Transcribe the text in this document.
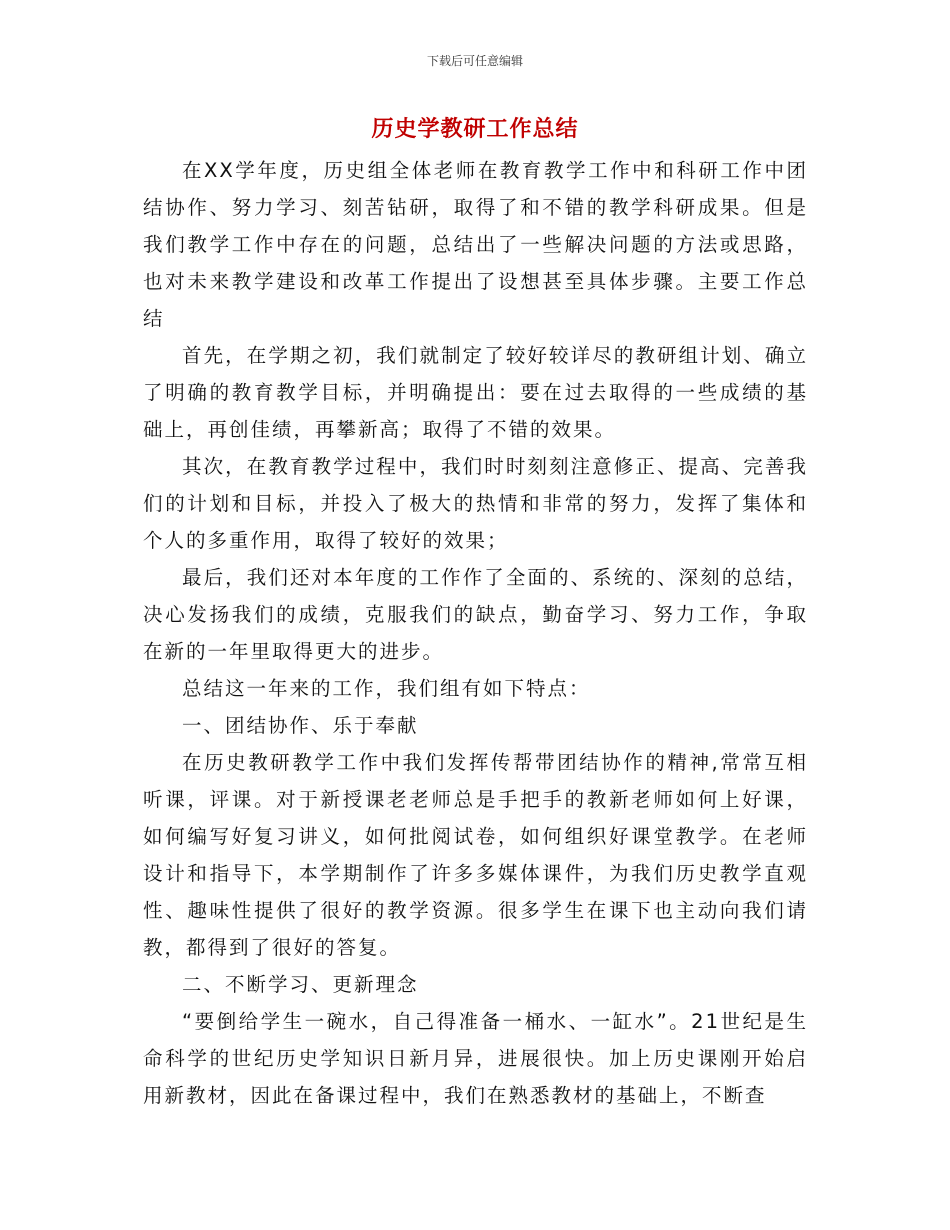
下载后可任意编辑
历史学教研工作总结

在XX学年度，历史组全体老师在教育教学工作中和科研工作中团结协作、努力学习、刻苦钻研，取得了和不错的教学科研成果。但是我们教学工作中存在的问题，总结出了一些解决问题的方法或思路，也对未来教学建设和改革工作提出了设想甚至具体步骤。主要工作总结

首先，在学期之初，我们就制定了较好较详尽的教研组计划、确立了明确的教育教学目标，并明确提出：要在过去取得的一些成绩的基础上，再创佳绩，再攀新高；取得了不错的效果。

其次，在教育教学过程中，我们时时刻刻注意修正、提高、完善我们的计划和目标，并投入了极大的热情和非常的努力，发挥了集体和个人的多重作用，取得了较好的效果；

最后，我们还对本年度的工作作了全面的、系统的、深刻的总结，决心发扬我们的成绩，克服我们的缺点，勤奋学习、努力工作，争取在新的一年里取得更大的进步。

总结这一年来的工作，我们组有如下特点：

一、团结协作、乐于奉献

在历史教研教学工作中我们发挥传帮带团结协作的精神,常常互相听课，评课。对于新授课老老师总是手把手的教新老师如何上好课，如何编写好复习讲义，如何批阅试卷，如何组织好课堂教学。在老师设计和指导下，本学期制作了许多多媒体课件，为我们历史教学直观性、趣味性提供了很好的教学资源。很多学生在课下也主动向我们请教，都得到了很好的答复。

二、不断学习、更新理念

“要倒给学生一碗水，自己得准备一桶水、一缸水”。21世纪是生命科学的世纪历史学知识日新月异，进展很快。加上历史课刚开始启用新教材，因此在备课过程中，我们在熟悉教材的基础上，不断查
